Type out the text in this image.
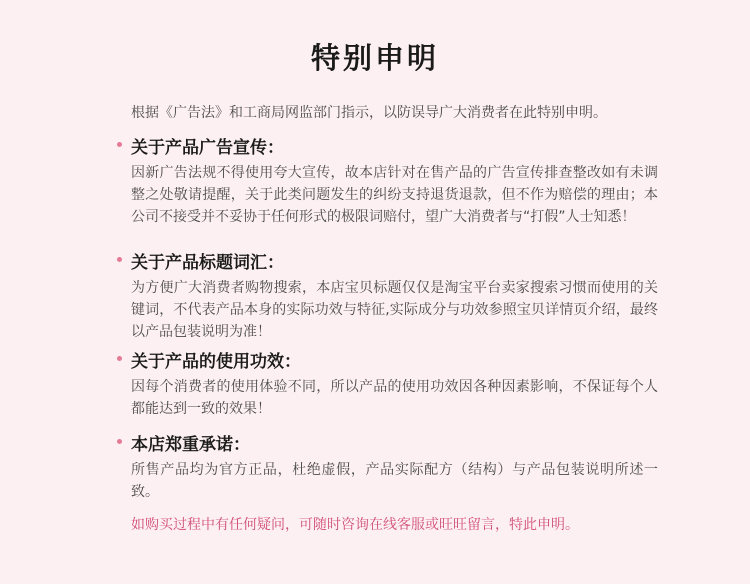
特别申明
根据《广告法》和工商局网监部门指示，以防误导广大消费者在此特别申明。
关于产品广告宣传：
因新广告法规不得使用夸大宣传，故本店针对在售产品的广告宣传排查整改如有未调整之处敬请提醒，关于此类问题发生的纠纷支持退货退款，但不作为赔偿的理由；本公司不接受并不妥协于任何形式的极限词赔付，望广大消费者与“打假”人士知悉！
关于产品标题词汇：
为方便广大消费者购物搜索，本店宝贝标题仅仅是淘宝平台卖家搜索习惯而使用的关键词，不代表产品本身的实际功效与特征,实际成分与功效参照宝贝详情页介绍，最终以产品包装说明为准！
关于产品的使用功效：
因每个消费者的使用体验不同，所以产品的使用功效因各种因素影响，不保证每个人都能达到一致的效果！
本店郑重承诺：
所售产品均为官方正品，杜绝虚假，产品实际配方（结构）与产品包装说明所述一致。
如购买过程中有任何疑问，可随时咨询在线客服或旺旺留言，特此申明。
